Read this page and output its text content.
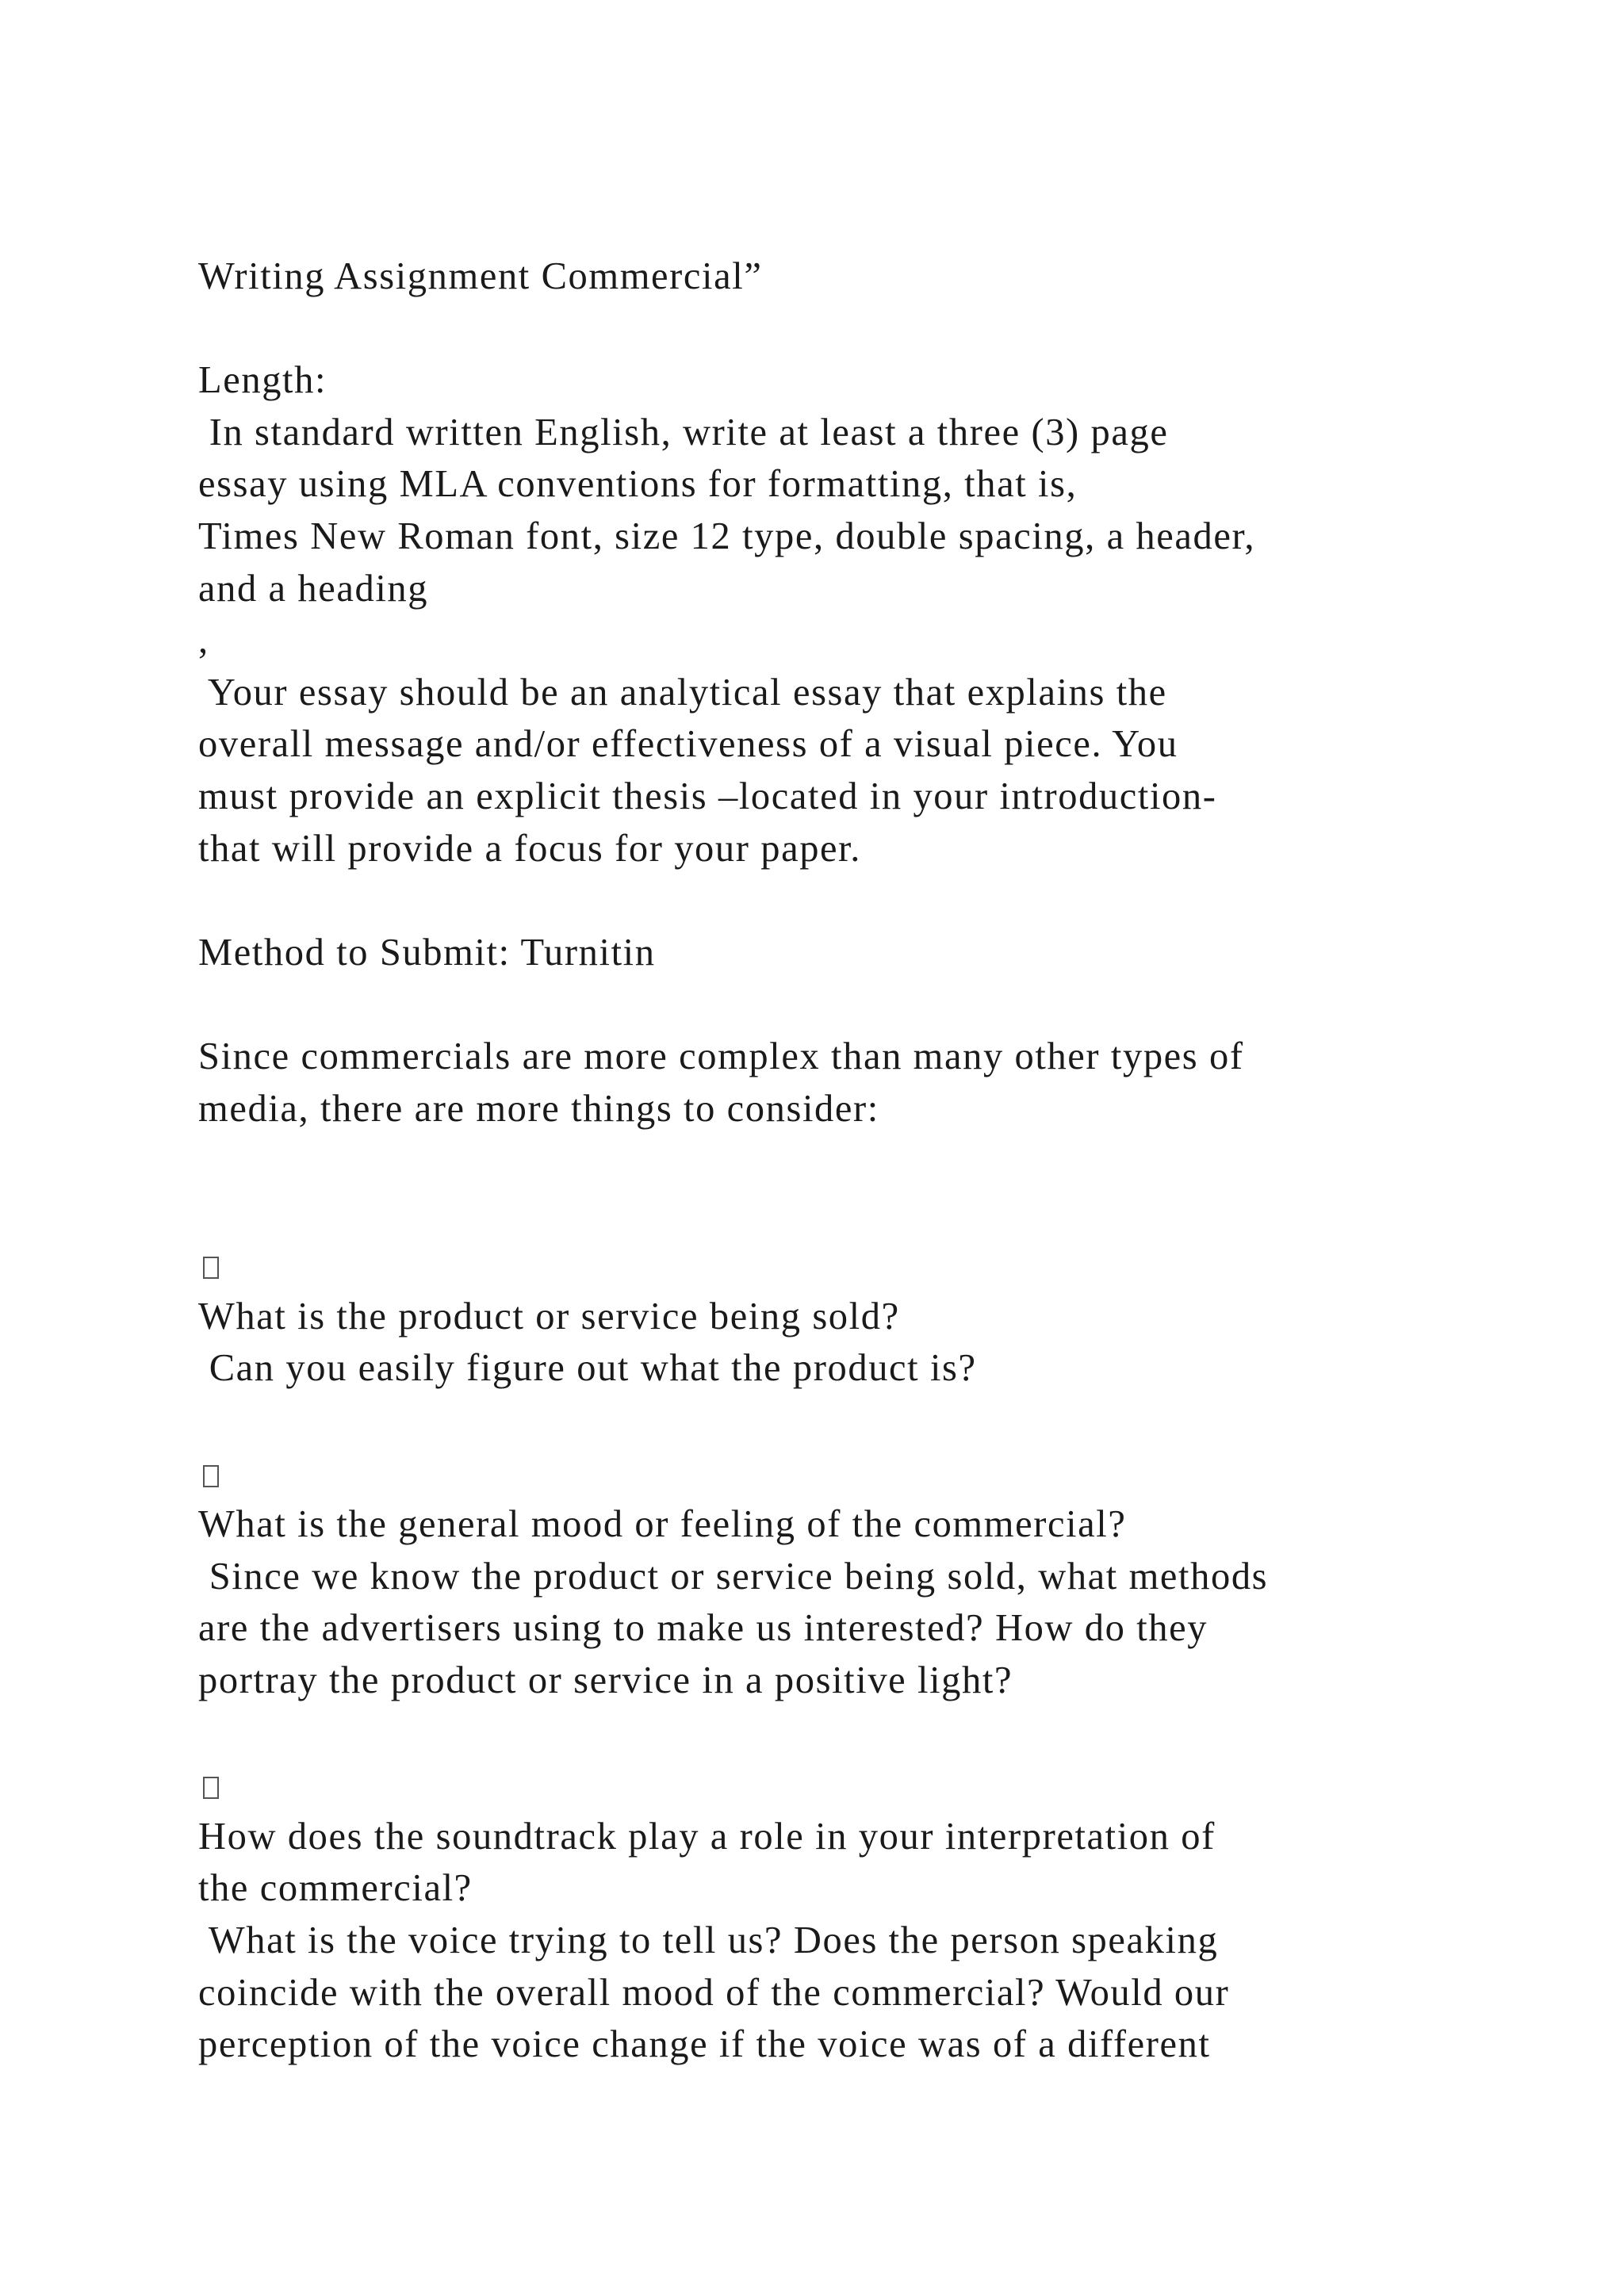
Writing Assignment Commercial”
Length:
In standard written English, write at least a three (3) page
essay using MLA conventions for formatting, that is,
Times New Roman font, size 12 type, double spacing, a header,
and a heading
,
Your essay should be an analytical essay that explains the
overall message and/or effectiveness of a visual piece. You
must provide an explicit thesis –located in your introduction-
that will provide a focus for your paper.
Method to Submit: Turnitin
Since commercials are more complex than many other types of
media, there are more things to consider:
What is the product or service being sold?
Can you easily figure out what the product is?
What is the general mood or feeling of the commercial?
Since we know the product or service being sold, what methods
are the advertisers using to make us interested? How do they
portray the product or service in a positive light?
How does the soundtrack play a role in your interpretation of
the commercial?
What is the voice trying to tell us? Does the person speaking
coincide with the overall mood of the commercial? Would our
perception of the voice change if the voice was of a different
